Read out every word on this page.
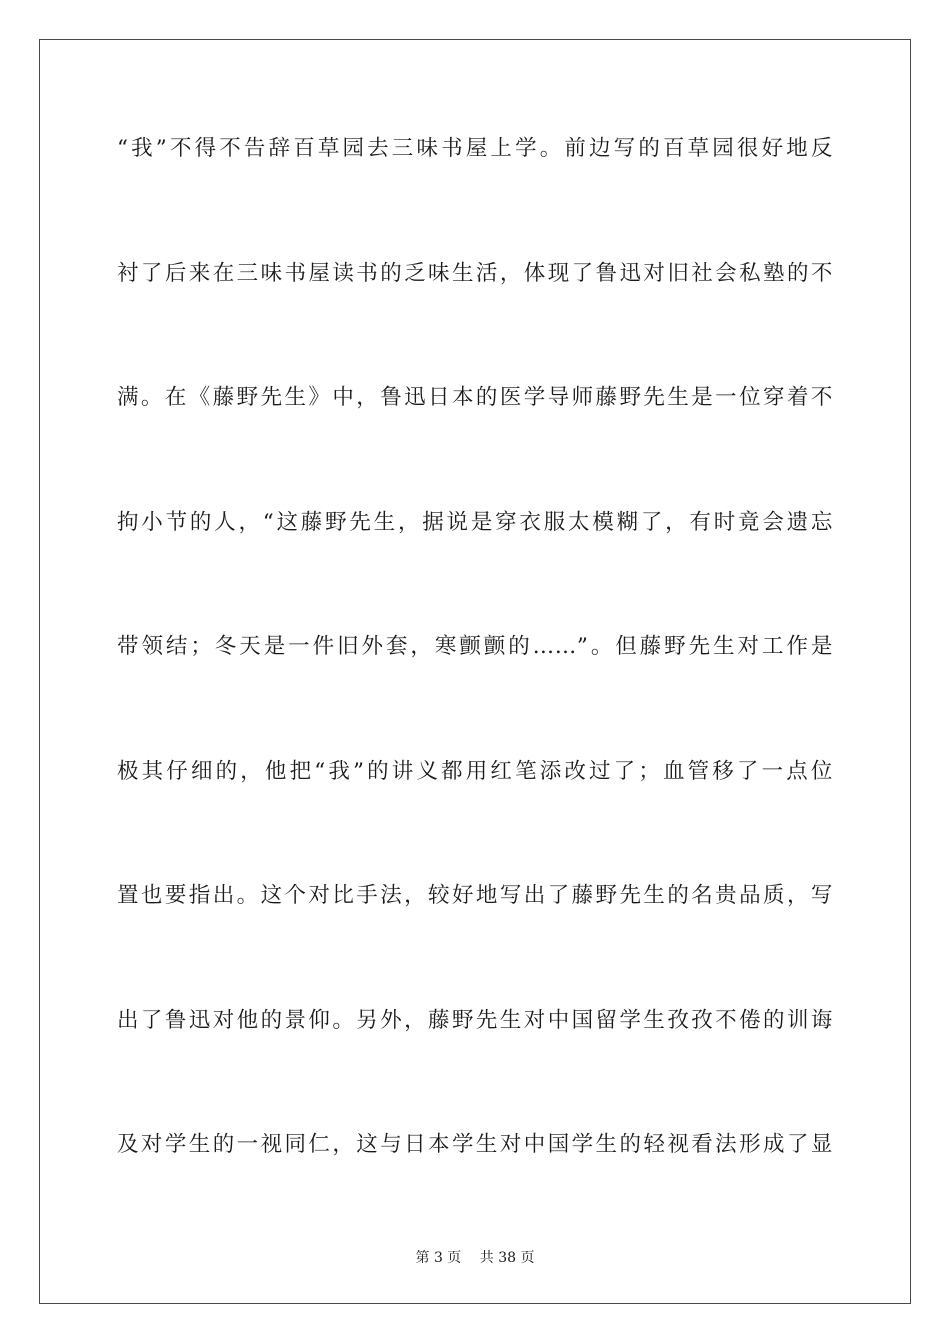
“我”不得不告辞百草园去三味书屋上学。前边写的百草园很好地反
衬了后来在三味书屋读书的乏味生活，体现了鲁迅对旧社会私塾的不
满。在《藤野先生》中，鲁迅日本的医学导师藤野先生是一位穿着不
拘小节的人，“这藤野先生，据说是穿衣服太模糊了，有时竟会遗忘
带领结；冬天是一件旧外套，寒颤颤的……”。但藤野先生对工作是
极其仔细的，他把“我”的讲义都用红笔添改过了；血管移了一点位
置也要指出。这个对比手法，较好地写出了藤野先生的名贵品质，写
出了鲁迅对他的景仰。另外，藤野先生对中国留学生孜孜不倦的训诲
及对学生的一视同仁，这与日本学生对中国学生的轻视看法形成了显
第 3 页 共 38 页
